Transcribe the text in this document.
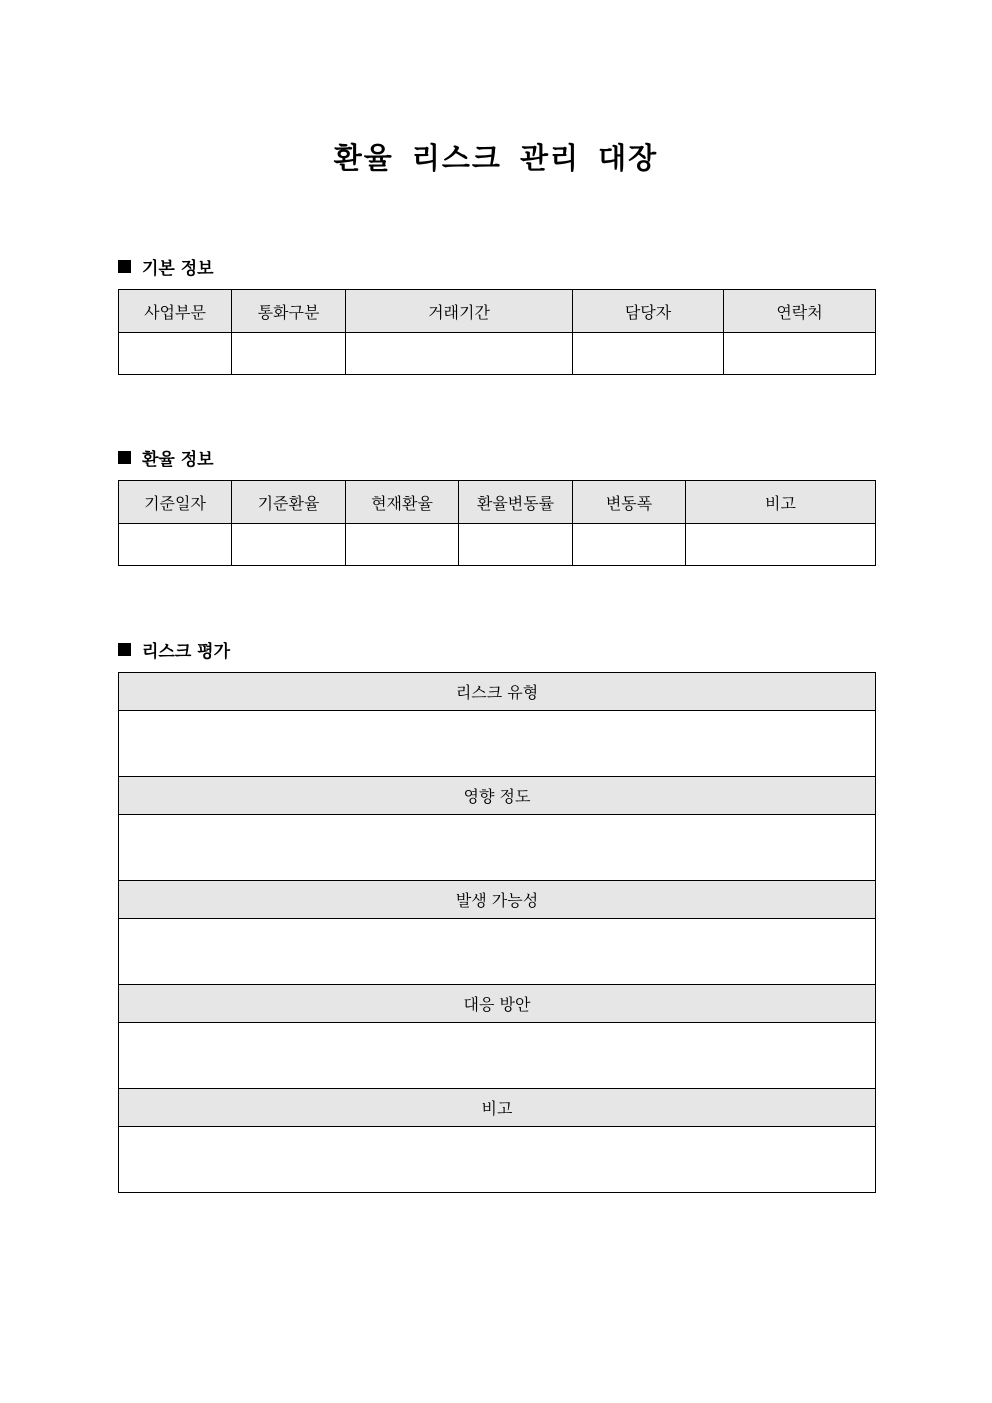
환율 리스크 관리 대장
기본 정보
사업부문	통화구분	거래기간	담당자	연락처

환율 정보
기준일자	기준환율	현재환율	환율변동률	변동폭	비고

리스크 평가
리스크 유형

영향 정도

발생 가능성

대응 방안

비고
